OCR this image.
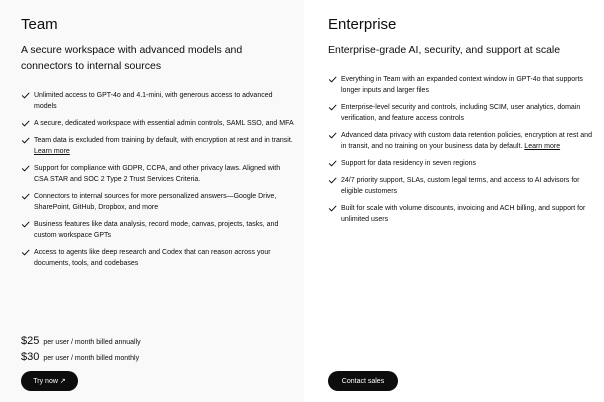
Team

A secure workspace with advanced models and connectors to internal sources

Unlimited access to GPT-4o and 4.1-mini, with generous access to advanced models
A secure, dedicated workspace with essential admin controls, SAML SSO, and MFA
Team data is excluded from training by default, with encryption at rest and in transit. Learn more
Support for compliance with GDPR, CCPA, and other privacy laws. Aligned with CSA STAR and SOC 2 Type 2 Trust Services Criteria.
Connectors to internal sources for more personalized answers—Google Drive, SharePoint, GitHub, Dropbox, and more
Business features like data analysis, record mode, canvas, projects, tasks, and custom workspace GPTs
Access to agents like deep research and Codex that can reason across your documents, tools, and codebases
$25 per user / month billed annually
$30 per user / month billed monthly
Try now ↗
Enterprise

Enterprise-grade AI, security, and support at scale

Everything in Team with an expanded context window in GPT-4o that supports longer inputs and larger files
Enterprise-level security and controls, including SCIM, user analytics, domain verification, and feature access controls
Advanced data privacy with custom data retention policies, encryption at rest and in transit, and no training on your business data by default. Learn more
Support for data residency in seven regions
24/7 priority support, SLAs, custom legal terms, and access to AI advisors for eligible customers
Built for scale with volume discounts, invoicing and ACH billing, and support for unlimited users
Contact sales
